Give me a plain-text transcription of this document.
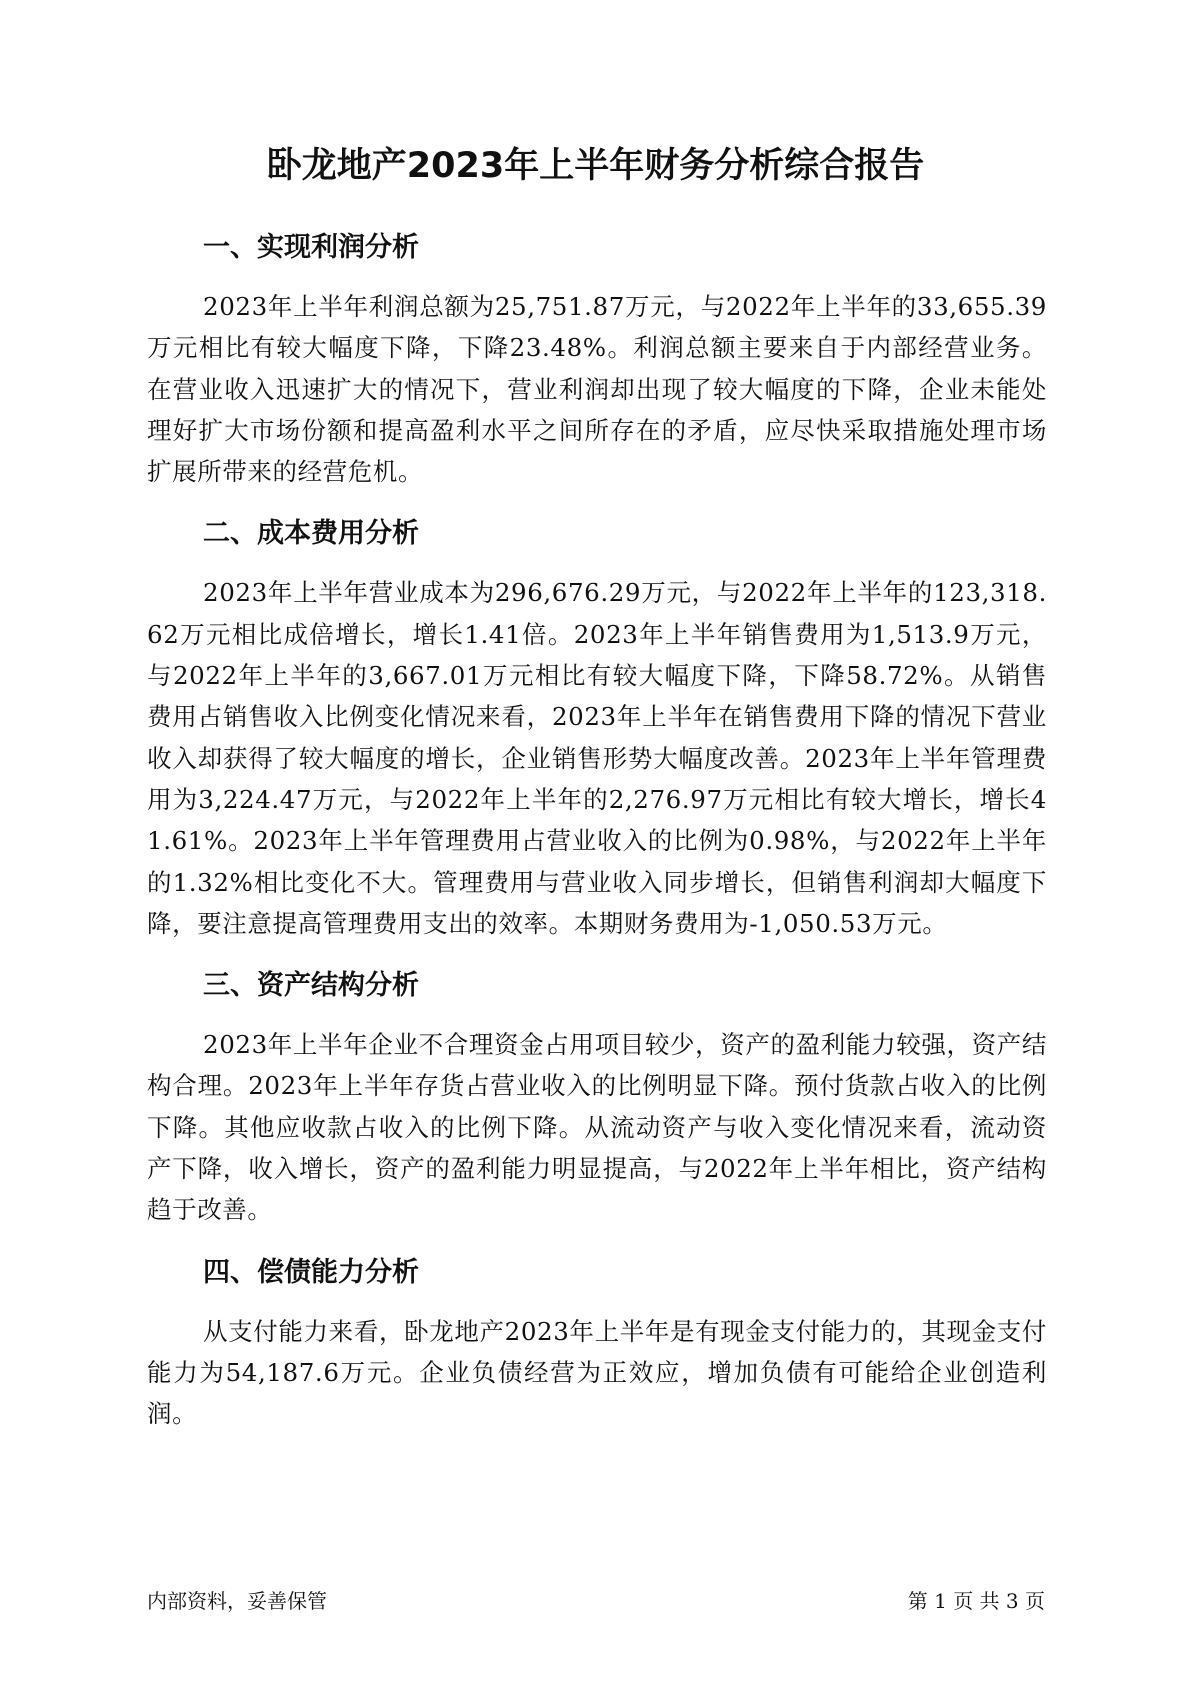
卧龙地产2023年上半年财务分析综合报告
一、实现利润分析

2023年上半年利润总额为25,751.87万元，与2022年上半年的33,655.39万元相比有较大幅度下降，下降23.48%。利润总额主要来自于内部经营业务。在营业收入迅速扩大的情况下，营业利润却出现了较大幅度的下降，企业未能处理好扩大市场份额和提高盈利水平之间所存在的矛盾，应尽快采取措施处理市场扩展所带来的经营危机。

二、成本费用分析

2023年上半年营业成本为296,676.29万元，与2022年上半年的123,318.62万元相比成倍增长，增长1.41倍。2023年上半年销售费用为1,513.9万元，与2022年上半年的3,667.01万元相比有较大幅度下降，下降58.72%。从销售费用占销售收入比例变化情况来看，2023年上半年在销售费用下降的情况下营业收入却获得了较大幅度的增长，企业销售形势大幅度改善。2023年上半年管理费用为3,224.47万元，与2022年上半年的2,276.97万元相比有较大增长，增长41.61%。2023年上半年管理费用占营业收入的比例为0.98%，与2022年上半年的1.32%相比变化不大。管理费用与营业收入同步增长，但销售利润却大幅度下降，要注意提高管理费用支出的效率。本期财务费用为-1,050.53万元。

三、资产结构分析

2023年上半年企业不合理资金占用项目较少，资产的盈利能力较强，资产结构合理。2023年上半年存货占营业收入的比例明显下降。预付货款占收入的比例下降。其他应收款占收入的比例下降。从流动资产与收入变化情况来看，流动资产下降，收入增长，资产的盈利能力明显提高，与2022年上半年相比，资产结构趋于改善。

四、偿债能力分析

从支付能力来看，卧龙地产2023年上半年是有现金支付能力的，其现金支付能力为54,187.6万元。企业负债经营为正效应，增加负债有可能给企业创造利润。

内部资料，妥善保管	第 1 页 共 3 页
